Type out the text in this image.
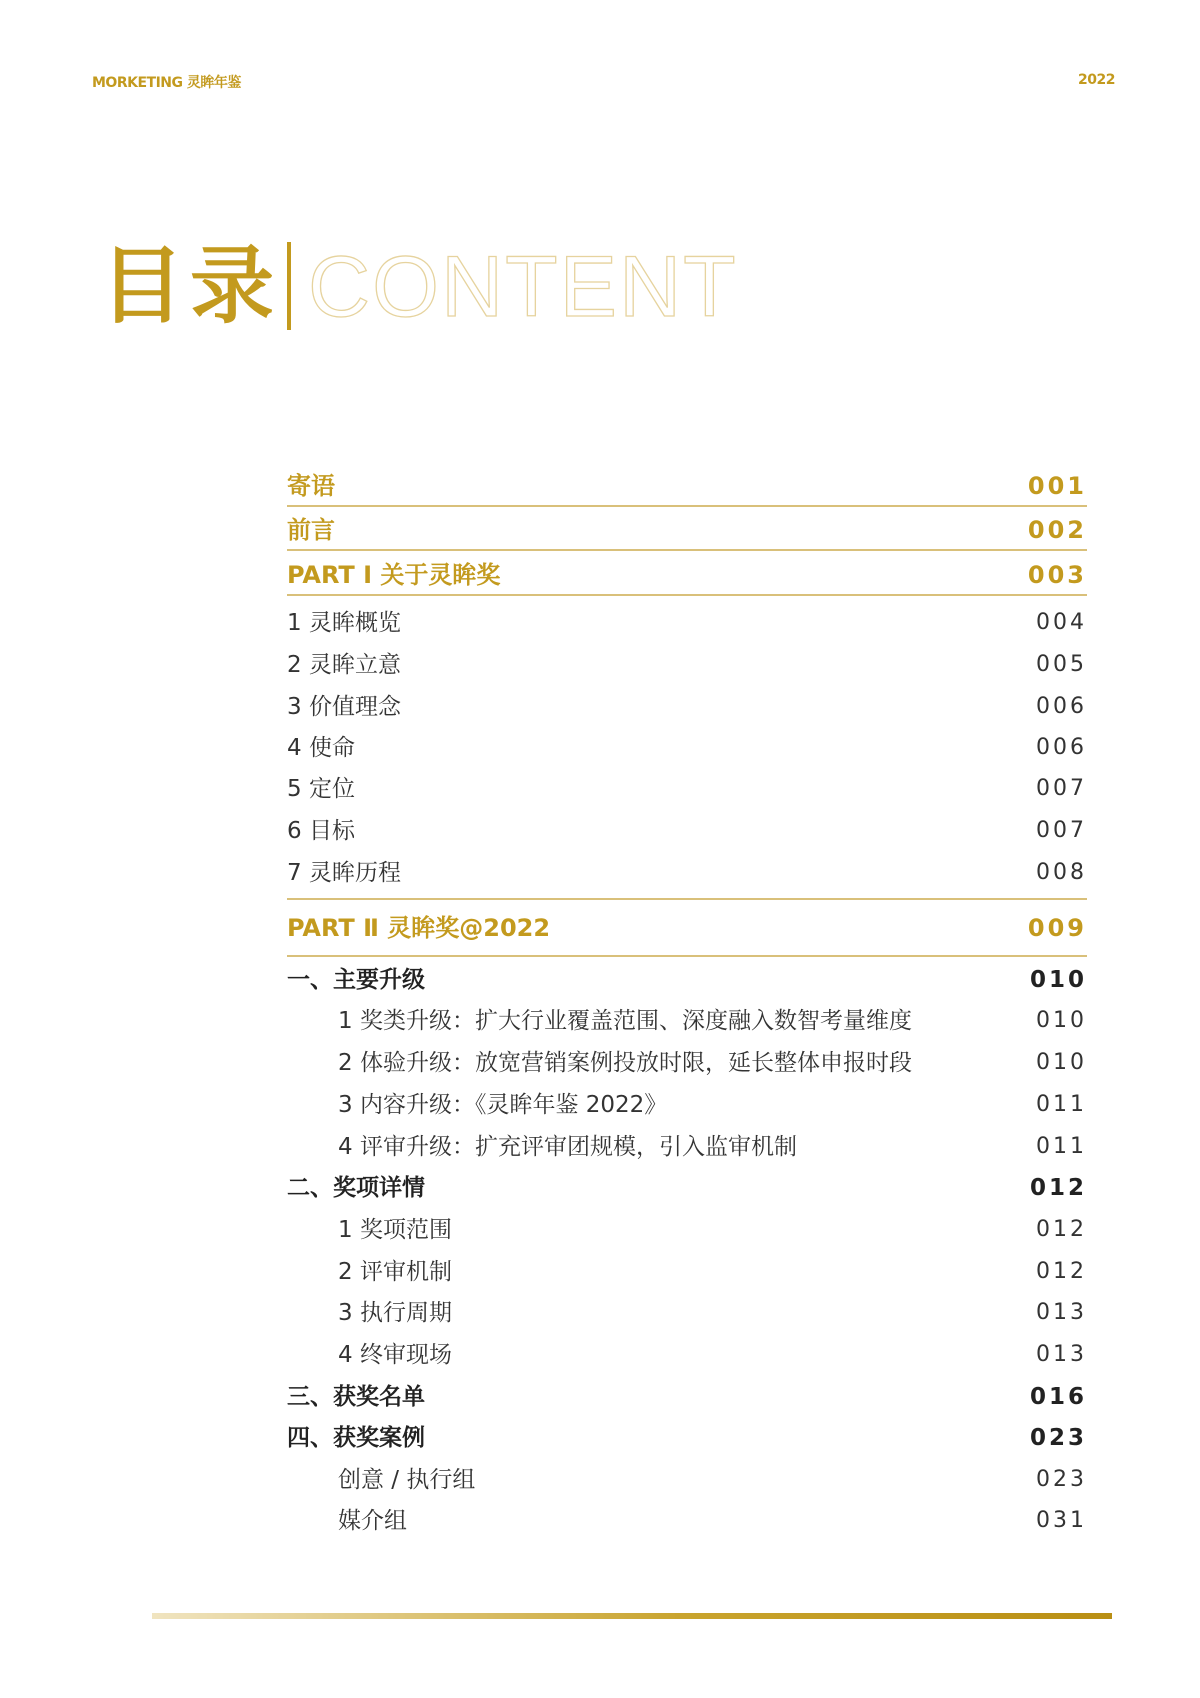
MORKETING 灵眸年鉴	2022
目录 CONTENT
寄语	001
前言	002
PART Ⅰ 关于灵眸奖	003
1 灵眸概览	004
2 灵眸立意	005
3 价值理念	006
4 使命	006
5 定位	007
6 目标	007
7 灵眸历程	008
PART Ⅱ 灵眸奖@2022	009
一、主要升级	010
1 奖类升级：扩大行业覆盖范围、深度融入数智考量维度	010
2 体验升级：放宽营销案例投放时限，延长整体申报时段	010
3 内容升级：《灵眸年鉴 2022》	011
4 评审升级：扩充评审团规模，引入监审机制	011
二、奖项详情	012
1 奖项范围	012
2 评审机制	012
3 执行周期	013
4 终审现场	013
三、获奖名单	016
四、获奖案例	023
创意 / 执行组	023
媒介组	031
